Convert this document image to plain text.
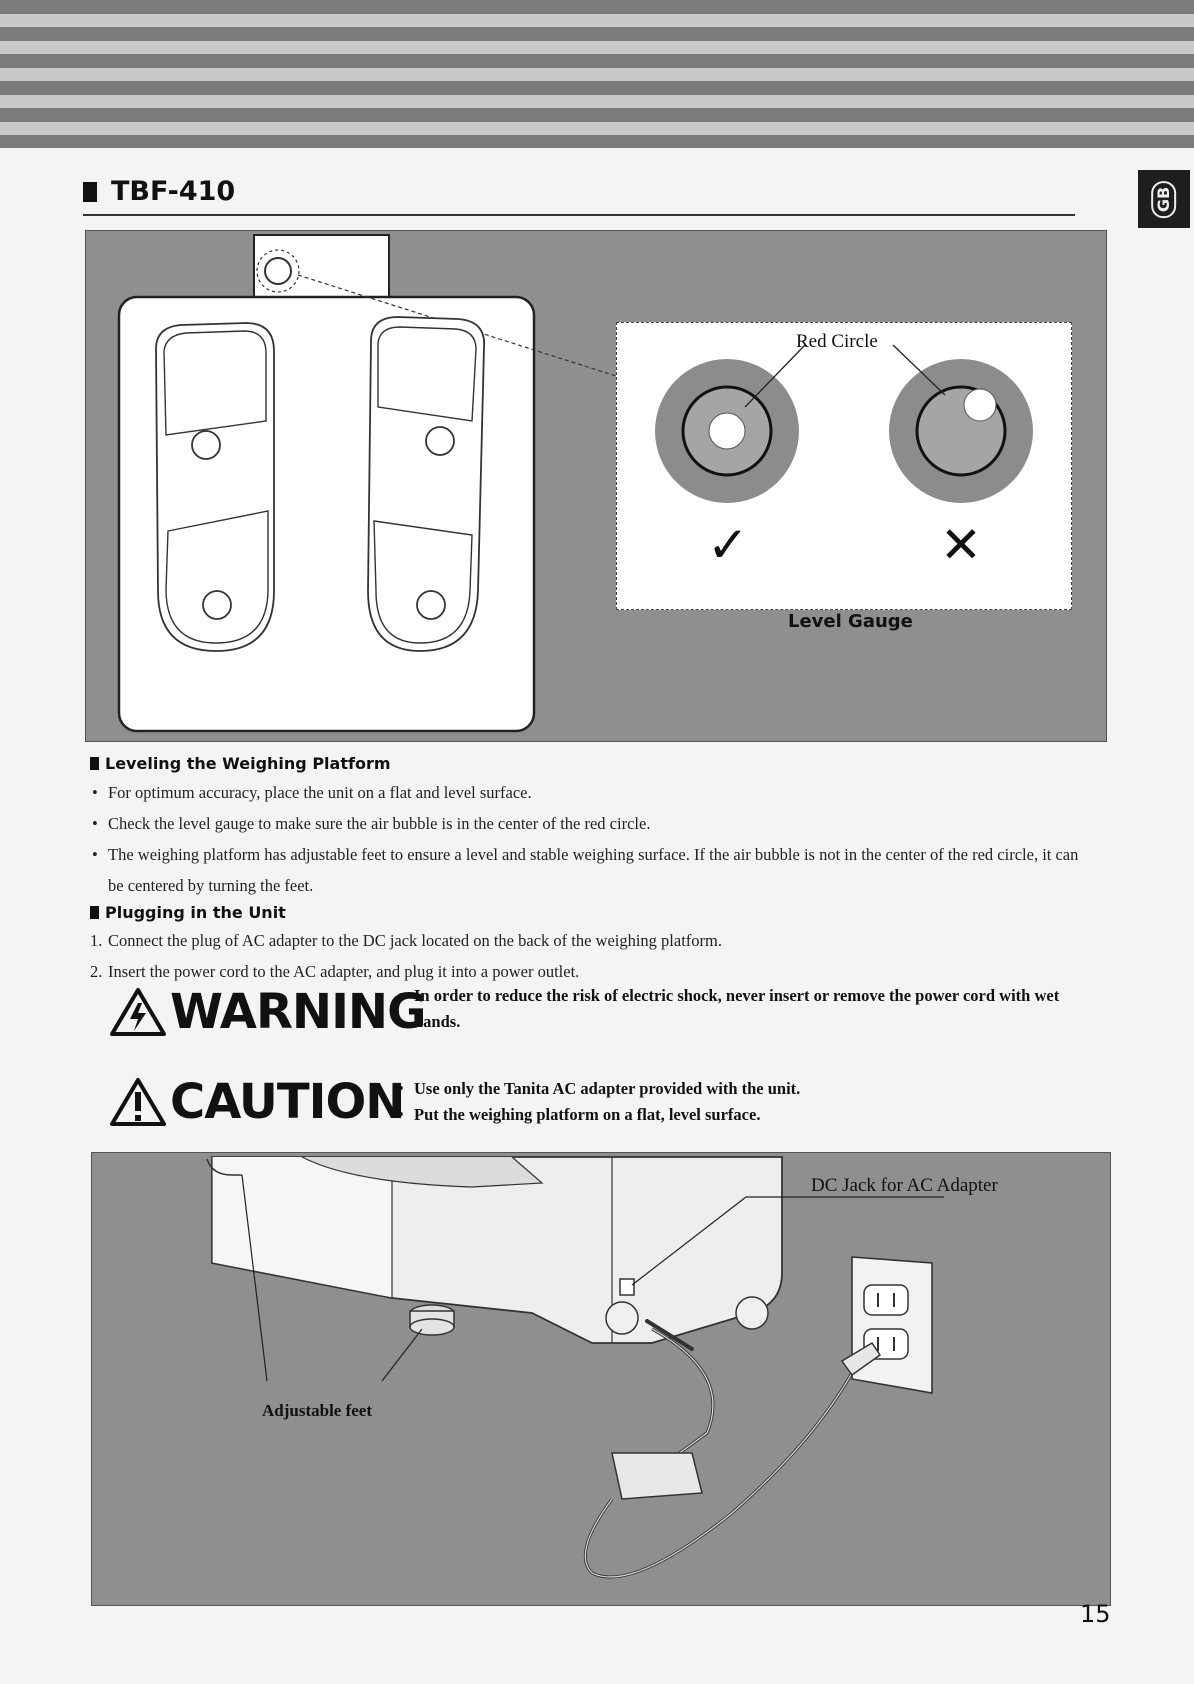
TBF-410	GB
Red Circle
✓	✕
Level Gauge
Leveling the Weighing Platform
• For optimum accuracy, place the unit on a flat and level surface.
• Check the level gauge to make sure the air bubble is in the center of the red circle.
• The weighing platform has adjustable feet to ensure a level and stable weighing surface. If the air bubble is not in the center of the red circle, it can be centered by turning the feet.
Plugging in the Unit
1. Connect the plug of AC adapter to the DC jack located on the back of the weighing platform.
2. Insert the power cord to the AC adapter, and plug it into a power outlet.
WARNING
• In order to reduce the risk of electric shock, never insert or remove the power cord with wet hands.
CAUTION
• Use only the Tanita AC adapter provided with the unit.
• Put the weighing platform on a flat, level surface.
DC Jack for AC Adapter
Adjustable feet
15
